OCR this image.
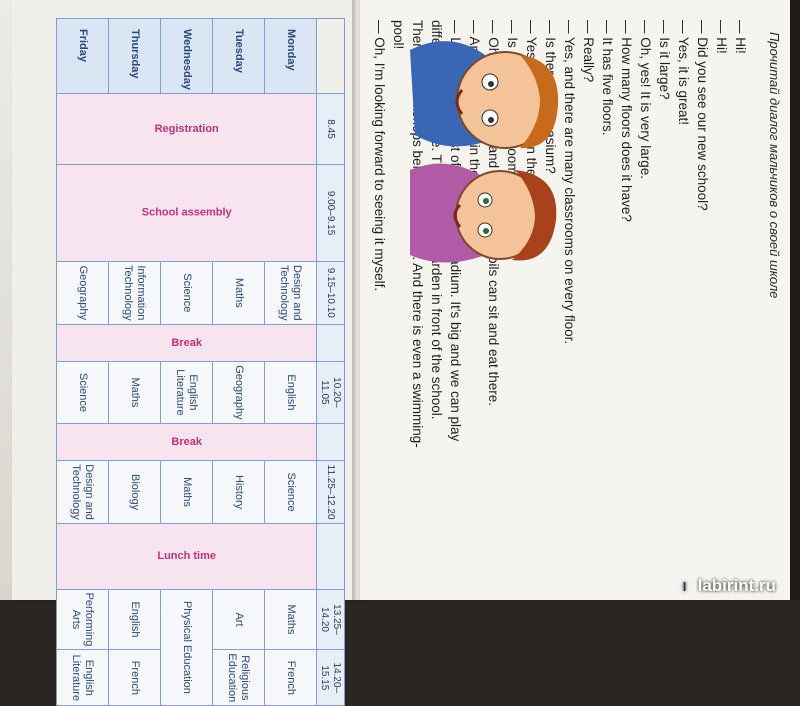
	8.45	9.00–9.15	9.15–10.10		10.20–11.05		11.25–12.20		13.25–14.20	14.20–15.15
Monday	Registration	School assembly	Design and Technology	Break	English	Break	Science	Lunch time	Maths	French
Tuesday			Maths		Geography		History		Art	Religious Education
Wednesday			Science		English Literature		Maths		Physical Education	
Thursday			Information Technology		Maths		Biology		English	French
Friday			Geography		Science		Design and Technology		Performing Arts	English Literature
Прочитай диалог мальчиков о своей школе
— Hi!
— Hi!
— Did you see our new school?
— Yes, it is great!
— Is it large?
— Oh, yes! It is very large.
— How many floors does it have?
— It has five floors.
— Really?
— Yes, and there are many classrooms on every floor.
pool!
— Oh, I'm looking forward to seeing it myself.
l labirint.ru
